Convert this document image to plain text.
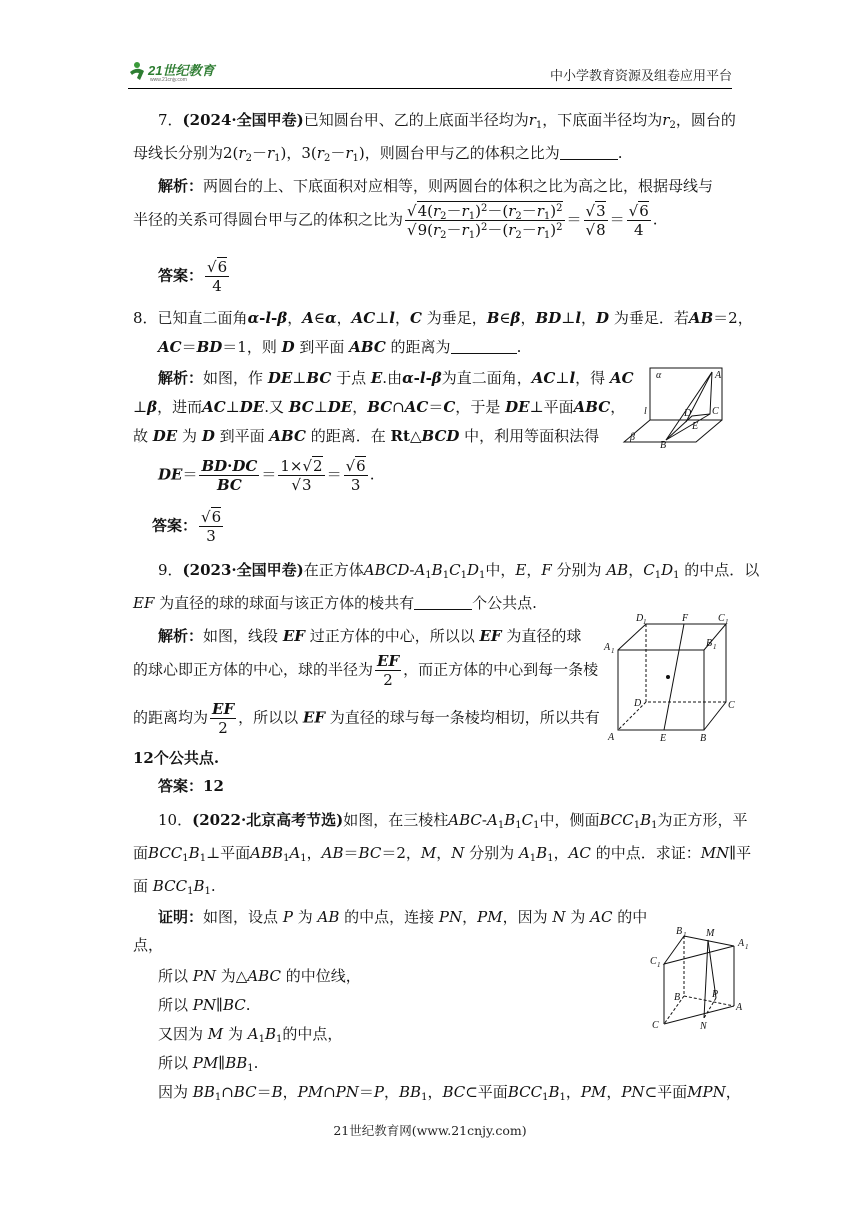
21世纪教育
www.21cnjy.com	中小学教育资源及组卷应用平台
7．(2024·全国甲卷)已知圆台甲、乙的上底面半径均为$r_1$，下底面半径均为$r_2$，圆台的
母线长分别为$2(r_2-r_1)$，$3(r_2-r_1)$，则圆台甲与乙的体积之比为	.
解析：两圆台的上、下底面积对应相等，则两圆台的体积之比为高之比，根据母线与
半径的关系可得圆台甲与乙的体积之比为 $\frac{√4(r_2-r_1)^2-(r_2-r_1)^2}{√9(r_2-r_1)^2-(r_2-r_1)^2} = \frac{√3}{√8} = \frac{√6}{4}$ .
答案： $\frac{√6}{4}$
8．已知直二面角α-l-β，A∈α，AC⊥l，C 为垂足，B∈β，BD⊥l，D 为垂足．若AB＝2，
AC＝BD＝1，则 D 到平面 ABC 的距离为	.
解析：如图，作 DE⊥BC 于点 E.由α-l-β为直二面角，AC⊥l，得 AC
⊥β，进而AC⊥DE.又 BC⊥DE，BC∩AC＝C，于是 DE⊥平面ABC，
故 DE 为 D 到平面 ABC 的距离．在 Rt△BCD 中，利用等面积法得
$DE= \frac{BD\cdot DC}{BC} = \frac{1\times√2}{√3} = \frac{√6}{3}$ .
答案： $\frac{√6}{3}$
α	A
l	C
D
E
β
B
9．(2023·全国甲卷)在正方体ABCD-$A_1B_1C_1D_1$中，E，F 分别为 AB，$C_1D_1$ 的中点．以
EF 为直径的球的球面与该正方体的棱共有	个公共点.
解析：如图，线段 EF 过正方体的中心，所以以 EF 为直径的球
的球心即正方体的中心，球的半径为 $\frac{EF}{2}$ ，而正方体的中心到每一条棱
的距离均为 $\frac{EF}{2}$ ，所以以 EF 为直径的球与每一条棱均相切，所以共有
12个公共点.
答案：12
D 1	F	C 1
A 1
B 1
D	C
A	E	B
10．(2022·北京高考节选)如图，在三棱柱ABC-$A_1B_1C_1$中，侧面$BCC_1B_1$为正方形，平
面$BCC_1B_1\perp$平面$ABB_1A_1$，AB＝BC＝2，M，N 分别为 $A_1B_1$，AC 的中点．求证：MN∥平
面 $BCC_1B_1$.
证明：如图，设点 P 为 AB 的中点，连接 PN，PM，因为 N 为 AC 的中
点，
所以 PN 为△ABC 的中位线，
所以 PN∥BC.
又因为 M 为 $A_1B_1$的中点，
所以 $PM\parallel BB_1$.
因为 $BB_1\cap BC=B$，PM∩PN＝P，$BB_1$，BC⊂平面$BCC_1B_1$，PM，PN⊂平面MPN，
B 1 M
A 1
C 1
B	P
A
N
C
21世纪教育网(www.21cnjy.com)
